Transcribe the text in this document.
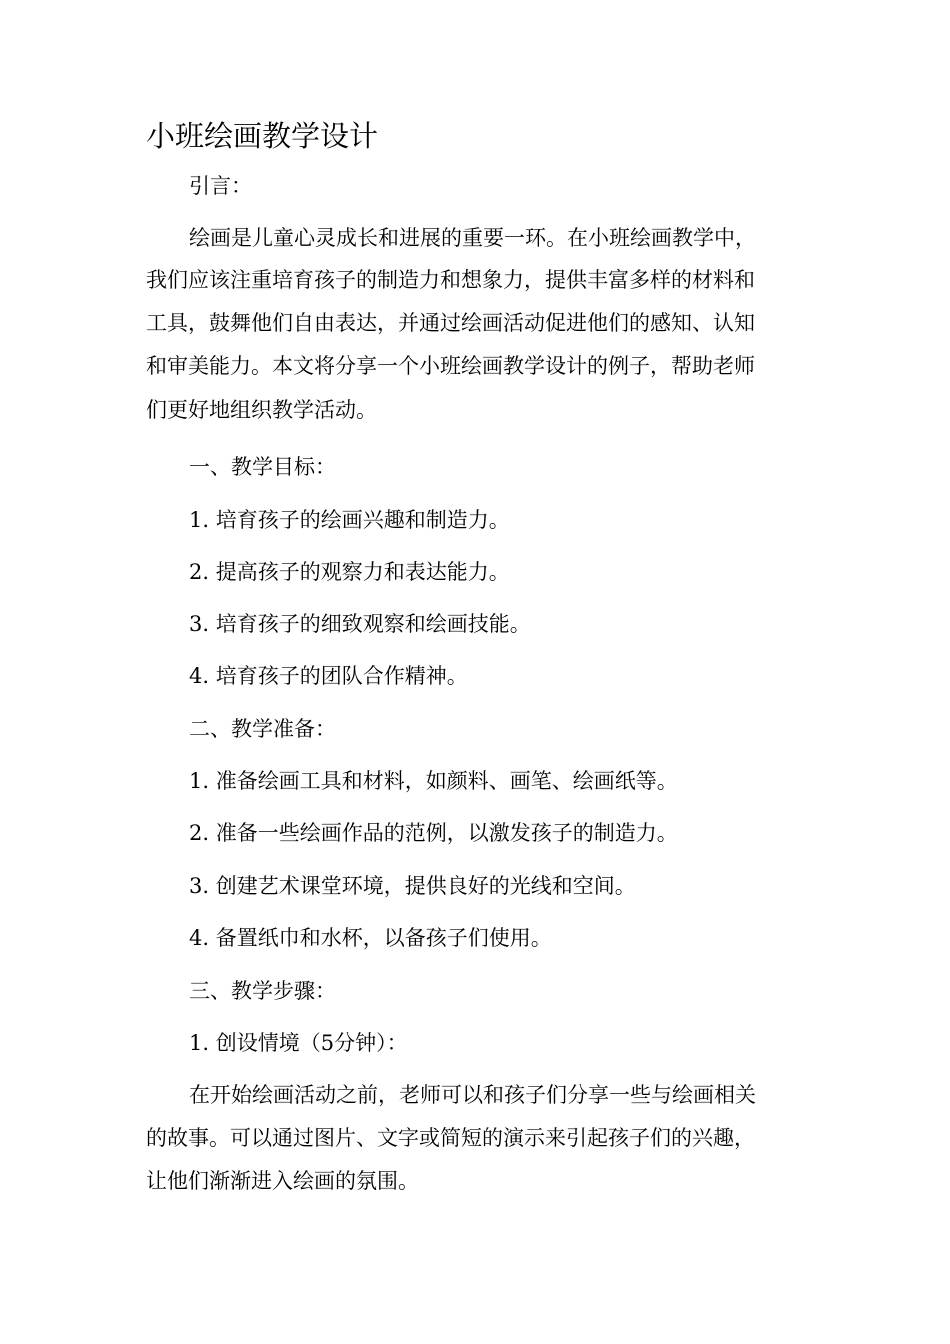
小班绘画教学设计

引言：

绘画是儿童心灵成长和进展的重要一环。在小班绘画教学中，

我们应该注重培育孩子的制造力和想象力，提供丰富多样的材料和

工具，鼓舞他们自由表达，并通过绘画活动促进他们的感知、认知

和审美能力。本文将分享一个小班绘画教学设计的例子，帮助老师

们更好地组织教学活动。

一、教学目标：

1. 培育孩子的绘画兴趣和制造力。

2. 提高孩子的观察力和表达能力。

3. 培育孩子的细致观察和绘画技能。

4. 培育孩子的团队合作精神。

二、教学准备：

1. 准备绘画工具和材料，如颜料、画笔、绘画纸等。

2. 准备一些绘画作品的范例，以激发孩子的制造力。

3. 创建艺术课堂环境，提供良好的光线和空间。

4. 备置纸巾和水杯，以备孩子们使用。

三、教学步骤：

1. 创设情境（5分钟）：

在开始绘画活动之前，老师可以和孩子们分享一些与绘画相关

的故事。可以通过图片、文字或简短的演示来引起孩子们的兴趣，

让他们渐渐进入绘画的氛围。
